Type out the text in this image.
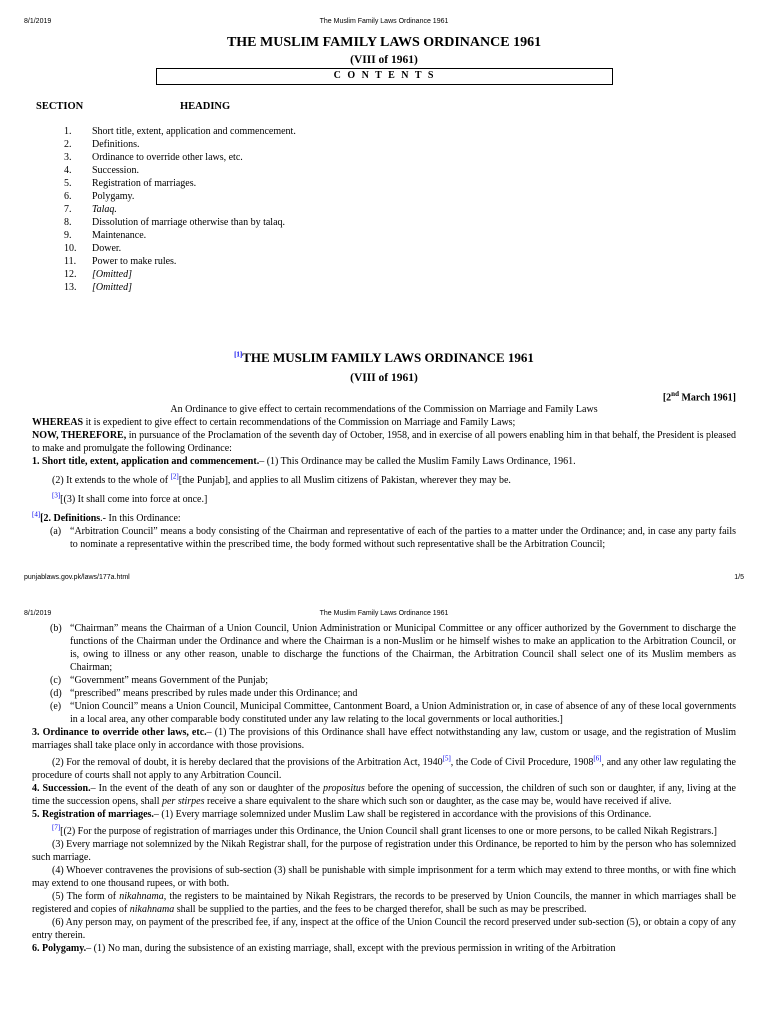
8/1/2019	The Muslim Family Laws Ordinance 1961
THE MUSLIM FAMILY LAWS ORDINANCE 1961
(VIII of 1961)
C O N T E N T S
SECTION	HEADING
1. Short title, extent, application and commencement.
2. Definitions.
3. Ordinance to override other laws, etc.
4. Succession.
5. Registration of marriages.
6. Polygamy.
7. Talaq.
8. Dissolution of marriage otherwise than by talaq.
9. Maintenance.
10. Dower.
11. Power to make rules.
12. [Omitted]
13. [Omitted]
[1]THE MUSLIM FAMILY LAWS ORDINANCE 1961
(VIII of 1961)
[2nd March 1961]

An Ordinance to give effect to certain recommendations of the Commission on Marriage and Family Laws

WHEREAS it is expedient to give effect to certain recommendations of the Commission on Marriage and Family Laws;

NOW, THEREFORE, in pursuance of the Proclamation of the seventh day of October, 1958, and in exercise of all powers enabling him in that behalf, the President is pleased to make and promulgate the following Ordinance:

1. Short title, extent, application and commencement.– (1) This Ordinance may be called the Muslim Family Laws Ordinance, 1961.

(2) It extends to the whole of [2][the Punjab], and applies to all Muslim citizens of Pakistan, wherever they may be.

[3][(3) It shall come into force at once.]

[4][2. Definitions.- In this Ordinance:

(a) “Arbitration Council” means a body consisting of the Chairman and representative of each of the parties to a matter under the Ordinance; and, in case any party fails to nominate a representative within the prescribed time, the body formed without such representative shall be the Arbitration Council;

punjablaws.gov.pk/laws/177a.html	1/5
8/1/2019	The Muslim Family Laws Ordinance 1961

(b) “Chairman” means the Chairman of a Union Council, Union Administration or Municipal Committee or any officer authorized by the Government to discharge the functions of the Chairman under the Ordinance and where the Chairman is a non-Muslim or he himself wishes to make an application to the Arbitration Council, or is, owing to illness or any other reason, unable to discharge the functions of the Chairman, the Arbitration Council shall select one of its Muslim members as Chairman;

(c) “Government” means Government of the Punjab;

(d) “prescribed” means prescribed by rules made under this Ordinance; and

(e) “Union Council” means a Union Council, Municipal Committee, Cantonment Board, a Union Administration or, in case of absence of any of these local governments in a local area, any other comparable body constituted under any law relating to the local governments or local authorities.]

3. Ordinance to override other laws, etc.– (1) The provisions of this Ordinance shall have effect notwithstanding any law, custom or usage, and the registration of Muslim marriages shall take place only in accordance with those provisions.

(2) For the removal of doubt, it is hereby declared that the provisions of the Arbitration Act, 1940[5], the Code of Civil Procedure, 1908[6], and any other law regulating the procedure of courts shall not apply to any Arbitration Council.

4. Succession.– In the event of the death of any son or daughter of the propositus before the opening of succession, the children of such son or daughter, if any, living at the time the succession opens, shall per stirpes receive a share equivalent to the share which such son or daughter, as the case may be, would have received if alive.

5. Registration of marriages.– (1) Every marriage solemnized under Muslim Law shall be registered in accordance with the provisions of this Ordinance.

[7][(2) For the purpose of registration of marriages under this Ordinance, the Union Council shall grant licenses to one or more persons, to be called Nikah Registrars.]

(3) Every marriage not solemnized by the Nikah Registrar shall, for the purpose of registration under this Ordinance, be reported to him by the person who has solemnized such marriage.

(4) Whoever contravenes the provisions of sub-section (3) shall be punishable with simple imprisonment for a term which may extend to three months, or with fine which may extend to one thousand rupees, or with both.

(5) The form of nikahnama, the registers to be maintained by Nikah Registrars, the records to be preserved by Union Councils, the manner in which marriages shall be registered and copies of nikahnama shall be supplied to the parties, and the fees to be charged therefor, shall be such as may be prescribed.

(6) Any person may, on payment of the prescribed fee, if any, inspect at the office of the Union Council the record preserved under sub-section (5), or obtain a copy of any entry therein.

6. Polygamy.– (1) No man, during the subsistence of an existing marriage, shall, except with the previous permission in writing of the Arbitration
